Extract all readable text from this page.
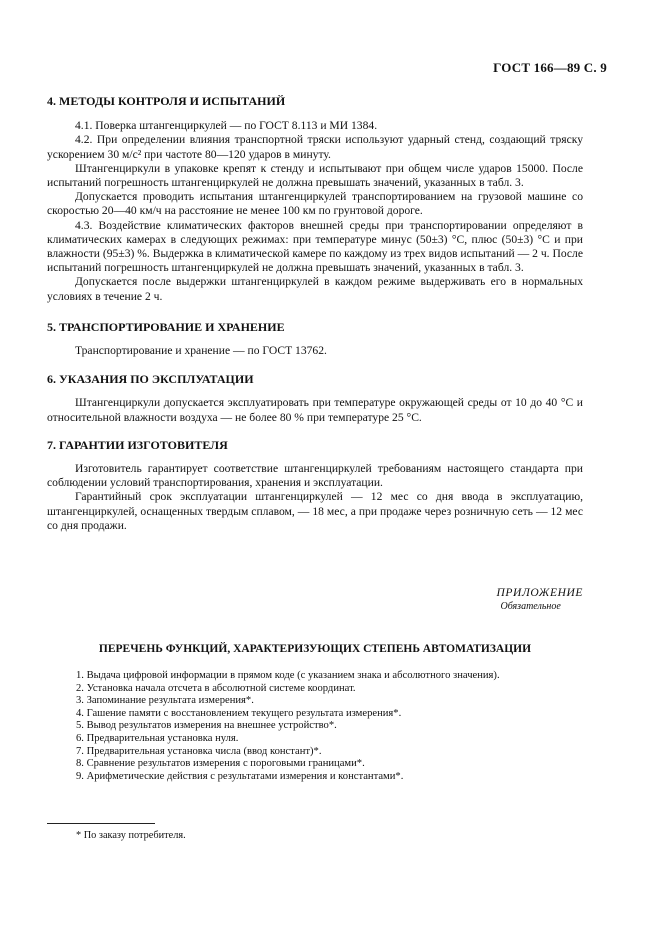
ГОСТ 166—89 С. 9

4. МЕТОДЫ КОНТРОЛЯ И ИСПЫТАНИЙ

4.1. Поверка штангенциркулей — по ГОСТ 8.113 и МИ 1384.

4.2. При определении влияния транспортной тряски используют ударный стенд, создающий тряску ускорением 30 м/с² при частоте 80—120 ударов в минуту.

Штангенциркули в упаковке крепят к стенду и испытывают при общем числе ударов 15000. После испытаний погрешность штангенциркулей не должна превышать значений, указанных в табл. 3.

Допускается проводить испытания штангенциркулей транспортированием на грузовой машине со скоростью 20—40 км/ч на расстояние не менее 100 км по грунтовой дороге.

4.3. Воздействие климатических факторов внешней среды при транспортировании определяют в климатических камерах в следующих режимах: при температуре минус (50±3) °С, плюс (50±3) °С и при влажности (95±3) %. Выдержка в климатической камере по каждому из трех видов испытаний — 2 ч. После испытаний погрешность штангенциркулей не должна превышать значений, указанных в табл. 3.

Допускается после выдержки штангенциркулей в каждом режиме выдерживать его в нормальных условиях в течение 2 ч.

5. ТРАНСПОРТИРОВАНИЕ И ХРАНЕНИЕ

Транспортирование и хранение — по ГОСТ 13762.

6. УКАЗАНИЯ ПО ЭКСПЛУАТАЦИИ

Штангенциркули допускается эксплуатировать при температуре окружающей среды от 10 до 40 °С и относительной влажности воздуха — не более 80 % при температуре 25 °С.

7. ГАРАНТИИ ИЗГОТОВИТЕЛЯ

Изготовитель гарантирует соответствие штангенциркулей требованиям настоящего стандарта при соблюдении условий транспортирования, хранения и эксплуатации.

Гарантийный срок эксплуатации штангенциркулей — 12 мес со дня ввода в эксплуатацию, штангенциркулей, оснащенных твердым сплавом, — 18 мес, а при продаже через розничную сеть — 12 мес со дня продажи.

ПРИЛОЖЕНИЕ
Обязательное
ПЕРЕЧЕНЬ ФУНКЦИЙ, ХАРАКТЕРИЗУЮЩИХ СТЕПЕНЬ АВТОМАТИЗАЦИИ
1. Выдача цифровой информации в прямом коде (с указанием знака и абсолютного значения).
2. Установка начала отсчета в абсолютной системе координат.
3. Запоминание результата измерения*.
4. Гашение памяти с восстановлением текущего результата измерения*.
5. Вывод результатов измерения на внешнее устройство*.
6. Предварительная установка нуля.
7. Предварительная установка числа (ввод констант)*.
8. Сравнение результатов измерения с пороговыми границами*.
9. Арифметические действия с результатами измерения и константами*.
* По заказу потребителя.
